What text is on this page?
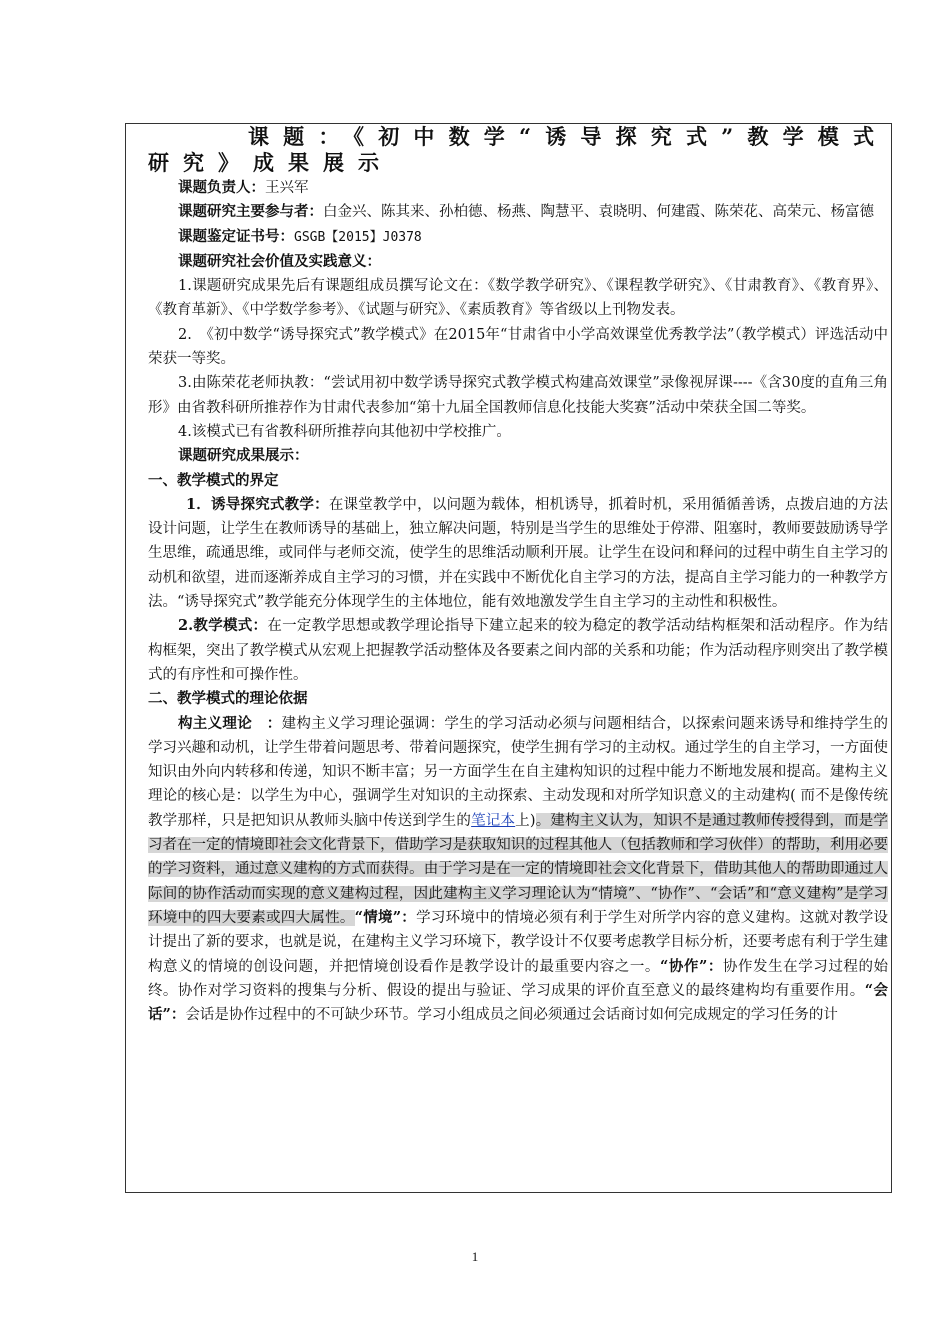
课题：《初中数学“诱导探究式”教学模式研究》成果展示

课题负责人：王兴军

课题研究主要参与者：白金兴、陈其来、孙柏德、杨燕、陶慧平、袁晓明、何建霞、陈荣花、高荣元、杨富德

课题鉴定证书号：GSGB【2015】J0378

课题研究社会价值及实践意义：

1.课题研究成果先后有课题组成员撰写论文在：《数学教学研究》、《课程教学研究》、《甘肃教育》、《教育界》、《教育革新》、《中学数学参考》、《试题与研究》、《素质教育》等省级以上刊物发表。

2.　《初中数学“诱导探究式”教学模式》在2015年“甘肃省中小学高效课堂优秀教学法”（教学模式）评选活动中荣获一等奖。

3.由陈荣花老师执教：“尝试用初中数学诱导探究式教学模式构建高效课堂”录像视屏课----《含30度的直角三角形》由省教科研所推荐作为甘肃代表参加“第十九届全国教师信息化技能大奖赛”活动中荣获全国二等奖。

4.该模式已有省教科研所推荐向其他初中学校推广。

课题研究成果展示：

一、教学模式的界定

1．诱导探究式教学：在课堂教学中，以问题为载体，相机诱导，抓着时机，采用循循善诱，点拨启迪的方法设计问题，让学生在教师诱导的基础上，独立解决问题，特别是当学生的思维处于停滞、阻塞时，教师要鼓励诱导学生思维，疏通思维，或同伴与老师交流，使学生的思维活动顺利开展。让学生在设问和释问的过程中萌生自主学习的动机和欲望，进而逐渐养成自主学习的习惯，并在实践中不断优化自主学习的方法，提高自主学习能力的一种教学方法。“诱导探究式”教学能充分体现学生的主体地位，能有效地激发学生自主学习的主动性和积极性。

2.教学模式：在一定教学思想或教学理论指导下建立起来的较为稳定的教学活动结构框架和活动程序。作为结构框架，突出了教学模式从宏观上把握教学活动整体及各要素之间内部的关系和功能；作为活动程序则突出了教学模式的有序性和可操作性。

二、教学模式的理论依据

构主义理论　：建构主义学习理论强调：学生的学习活动必须与问题相结合，以探索问题来诱导和维持学生的学习兴趣和动机，让学生带着问题思考、带着问题探究，使学生拥有学习的主动权。通过学生的自主学习，一方面使知识由外向内转移和传递，知识不断丰富；另一方面学生在自主建构知识的过程中能力不断地发展和提高。建构主义理论的核心是：以学生为中心，强调学生对知识的主动探索、主动发现和对所学知识意义的主动建构( 而不是像传统教学那样，只是把知识从教师头脑中传送到学生的笔记本上)。建构主义认为，知识不是通过教师传授得到，而是学习者在一定的情境即社会文化背景下，借助学习是获取知识的过程其他人（包括教师和学习伙伴）的帮助，利用必要的学习资料，通过意义建构的方式而获得。由于学习是在一定的情境即社会文化背景下，借助其他人的帮助即通过人际间的协作活动而实现的意义建构过程，因此建构主义学习理论认为“情境”、“协作”、“会话”和“意义建构”是学习环境中的四大要素或四大属性。“情境”：学习环境中的情境必须有利于学生对所学内容的意义建构。这就对教学设计提出了新的要求，也就是说，在建构主义学习环境下，教学设计不仅要考虑教学目标分析，还要考虑有利于学生建构意义的情境的创设问题，并把情境创设看作是教学设计的最重要内容之一。“协作”：协作发生在学习过程的始终。协作对学习资料的搜集与分析、假设的提出与验证、学习成果的评价直至意义的最终建构均有重要作用。“会话”：会话是协作过程中的不可缺少环节。学习小组成员之间必须通过会话商讨如何完成规定的学习任务的计

1
